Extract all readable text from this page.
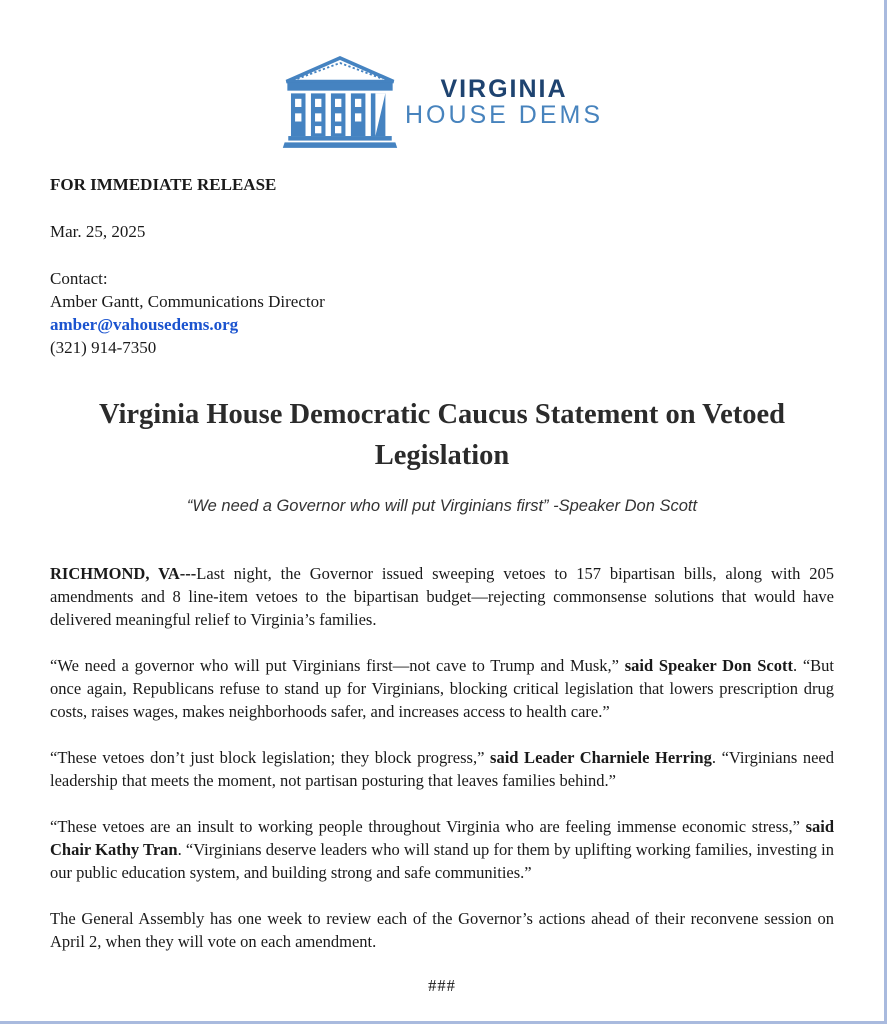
VIRGINIA
HOUSE DEMS
FOR IMMEDIATE RELEASE
Mar. 25, 2025
Contact:
Amber Gantt, Communications Director
amber@vahousedems.org
(321) 914-7350
Virginia House Democratic Caucus Statement on Vetoed Legislation
“We need a Governor who will put Virginians first” -Speaker Don Scott

RICHMOND, VA---Last night, the Governor issued sweeping vetoes to 157 bipartisan bills, along with 205 amendments and 8 line-item vetoes to the bipartisan budget—rejecting commonsense solutions that would have delivered meaningful relief to Virginia’s families.

“We need a governor who will put Virginians first—not cave to Trump and Musk,” said Speaker Don Scott. “But once again, Republicans refuse to stand up for Virginians, blocking critical legislation that lowers prescription drug costs, raises wages, makes neighborhoods safer, and increases access to health care.”

“These vetoes don’t just block legislation; they block progress,” said Leader Charniele Herring. “Virginians need leadership that meets the moment, not partisan posturing that leaves families behind.”

“These vetoes are an insult to working people throughout Virginia who are feeling immense economic stress,” said Chair Kathy Tran. “Virginians deserve leaders who will stand up for them by uplifting working families, investing in our public education system, and building strong and safe communities.”

The General Assembly has one week to review each of the Governor’s actions ahead of their reconvene session on April 2, when they will vote on each amendment.

###
